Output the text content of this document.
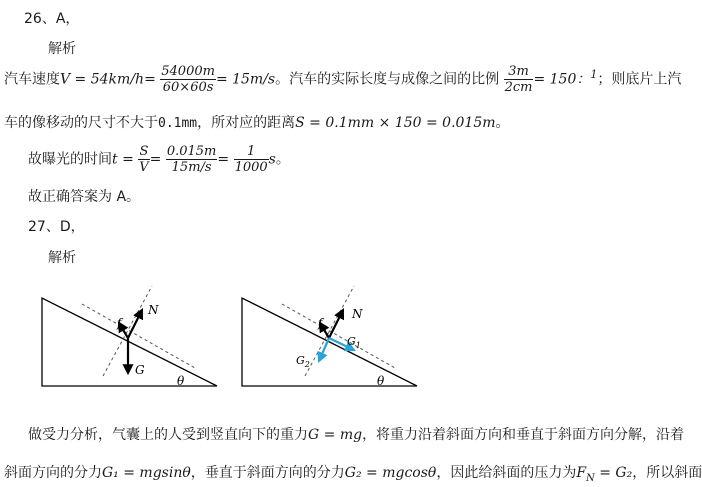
26、A，
解析
汽车速度$V = 54km/h= \frac{54000m}{60\times 60s} = 15m/s$。汽车的实际长度与成像之间的比例 $\frac{3m}{2cm} = 150$：$^1$；则底片上汽
车的像移动的尺寸不大于0.1mm，所对应的距离S = 0.1mm × 150 = 0.015m。
故曝光的时间$t = \frac{S}{V} = \frac{0.015m}{15m/s} = \frac{1}{1000}$ s。
故正确答案为 A。
27、D，
解析
N
f
G
θ
N
f
$G_1$
$G_2$
θ
做受力分析，气囊上的人受到竖直向下的重力G = mg，将重力沿着斜面方向和垂直于斜面方向分解，沿着
斜面方向的分力G₁ = mgsinθ，垂直于斜面方向的分力G₂ = mgcosθ，因此给斜面的压力为$F_N = G_2$，所以斜面
